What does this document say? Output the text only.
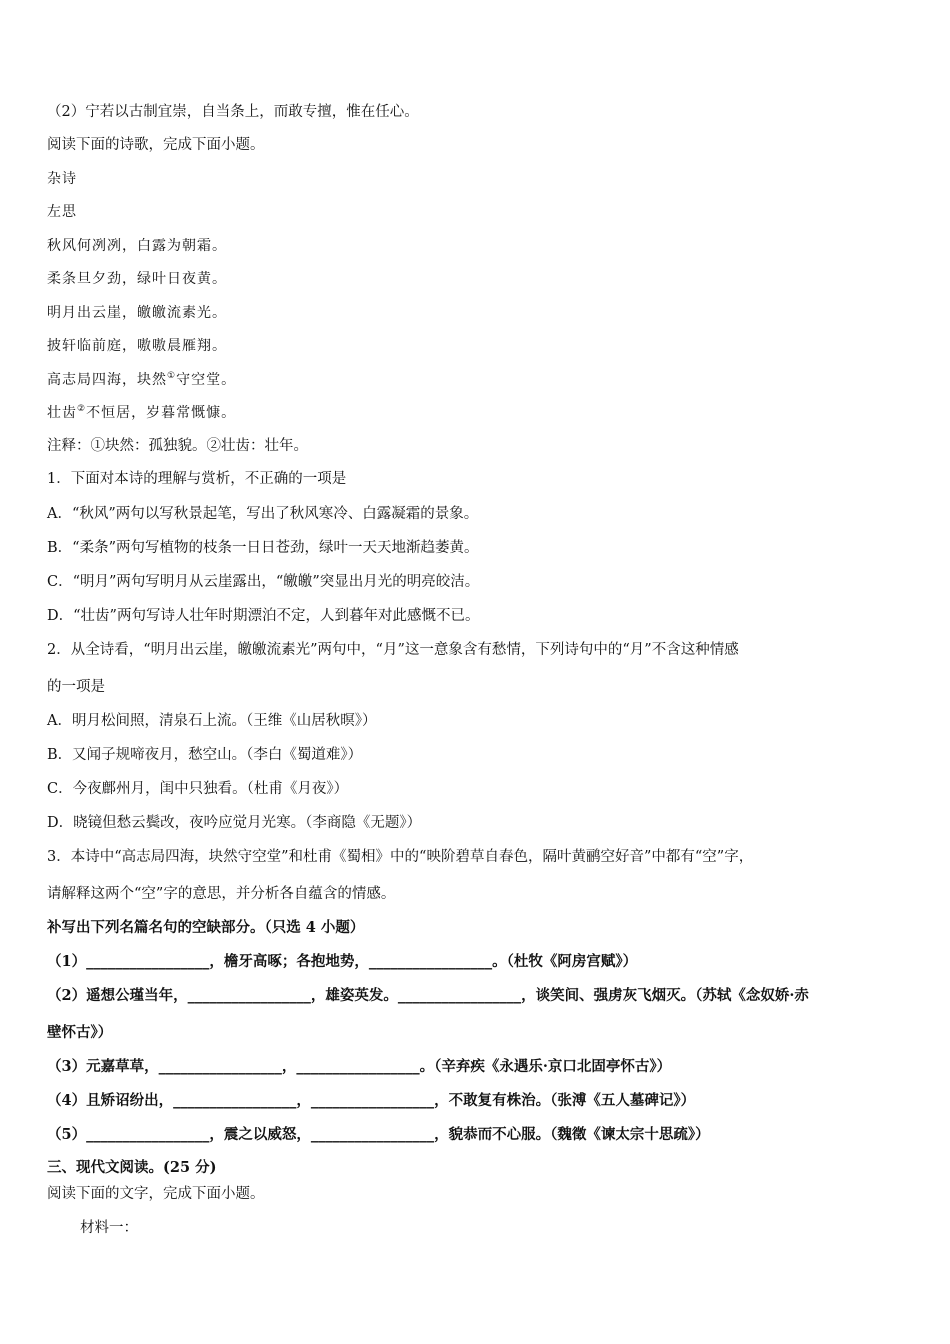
（2）宁若以古制宜崇，自当条上，而敢专擅，惟在任心。
阅读下面的诗歌，完成下面小题。
杂诗
左思
秋风何冽冽，白露为朝霜。
柔条旦夕劲，绿叶日夜黄。
明月出云崖，皦皦流素光。
披轩临前庭，嗷嗷晨雁翔。
高志局四海，块然①守空堂。
壮齿②不恒居，岁暮常慨慷。
注释：①块然：孤独貌。②壮齿：壮年。
1．下面对本诗的理解与赏析，不正确的一项是
A．“秋风”两句以写秋景起笔，写出了秋风寒冷、白露凝霜的景象。
B．“柔条”两句写植物的枝条一日日苍劲，绿叶一天天地渐趋萎黄。
C．“明月”两句写明月从云崖露出，“皦皦”突显出月光的明亮皎洁。
D．“壮齿”两句写诗人壮年时期漂泊不定，人到暮年对此感慨不已。
2．从全诗看，“明月出云崖，皦皦流素光”两句中，“月”这一意象含有愁情，下列诗句中的“月”不含这种情感
的一项是
A．明月松间照，清泉石上流。（王维《山居秋暝》）
B．又闻子规啼夜月，愁空山。（李白《蜀道难》）
C．今夜鄜州月，闺中只独看。（杜甫《月夜》）
D．晓镜但愁云鬓改，夜吟应觉月光寒。（李商隐《无题》）
3．本诗中“高志局四海，块然守空堂”和杜甫《蜀相》中的“映阶碧草自春色，隔叶黄鹂空好音”中都有“空”字，
请解释这两个“空”字的意思，并分析各自蕴含的情感。
补写出下列名篇名句的空缺部分。（只选 4 小题）
（1）_________________，檐牙高啄；各抱地势，_________________。（杜牧《阿房宫赋》）
（2）遥想公瑾当年，_________________，雄姿英发。_________________，谈笑间、强虏灰飞烟灭。（苏轼《念奴娇·赤
壁怀古》）
（3）元嘉草草，_________________，_________________。（辛弃疾《永遇乐·京口北固亭怀古》）
（4）且矫诏纷出，_________________，_________________，不敢复有株治。（张溥《五人墓碑记》）
（5）_________________，震之以威怒，_________________，貌恭而不心服。（魏徵《谏太宗十思疏》）
三、现代文阅读。(25 分)
阅读下面的文字，完成下面小题。
材料一：
